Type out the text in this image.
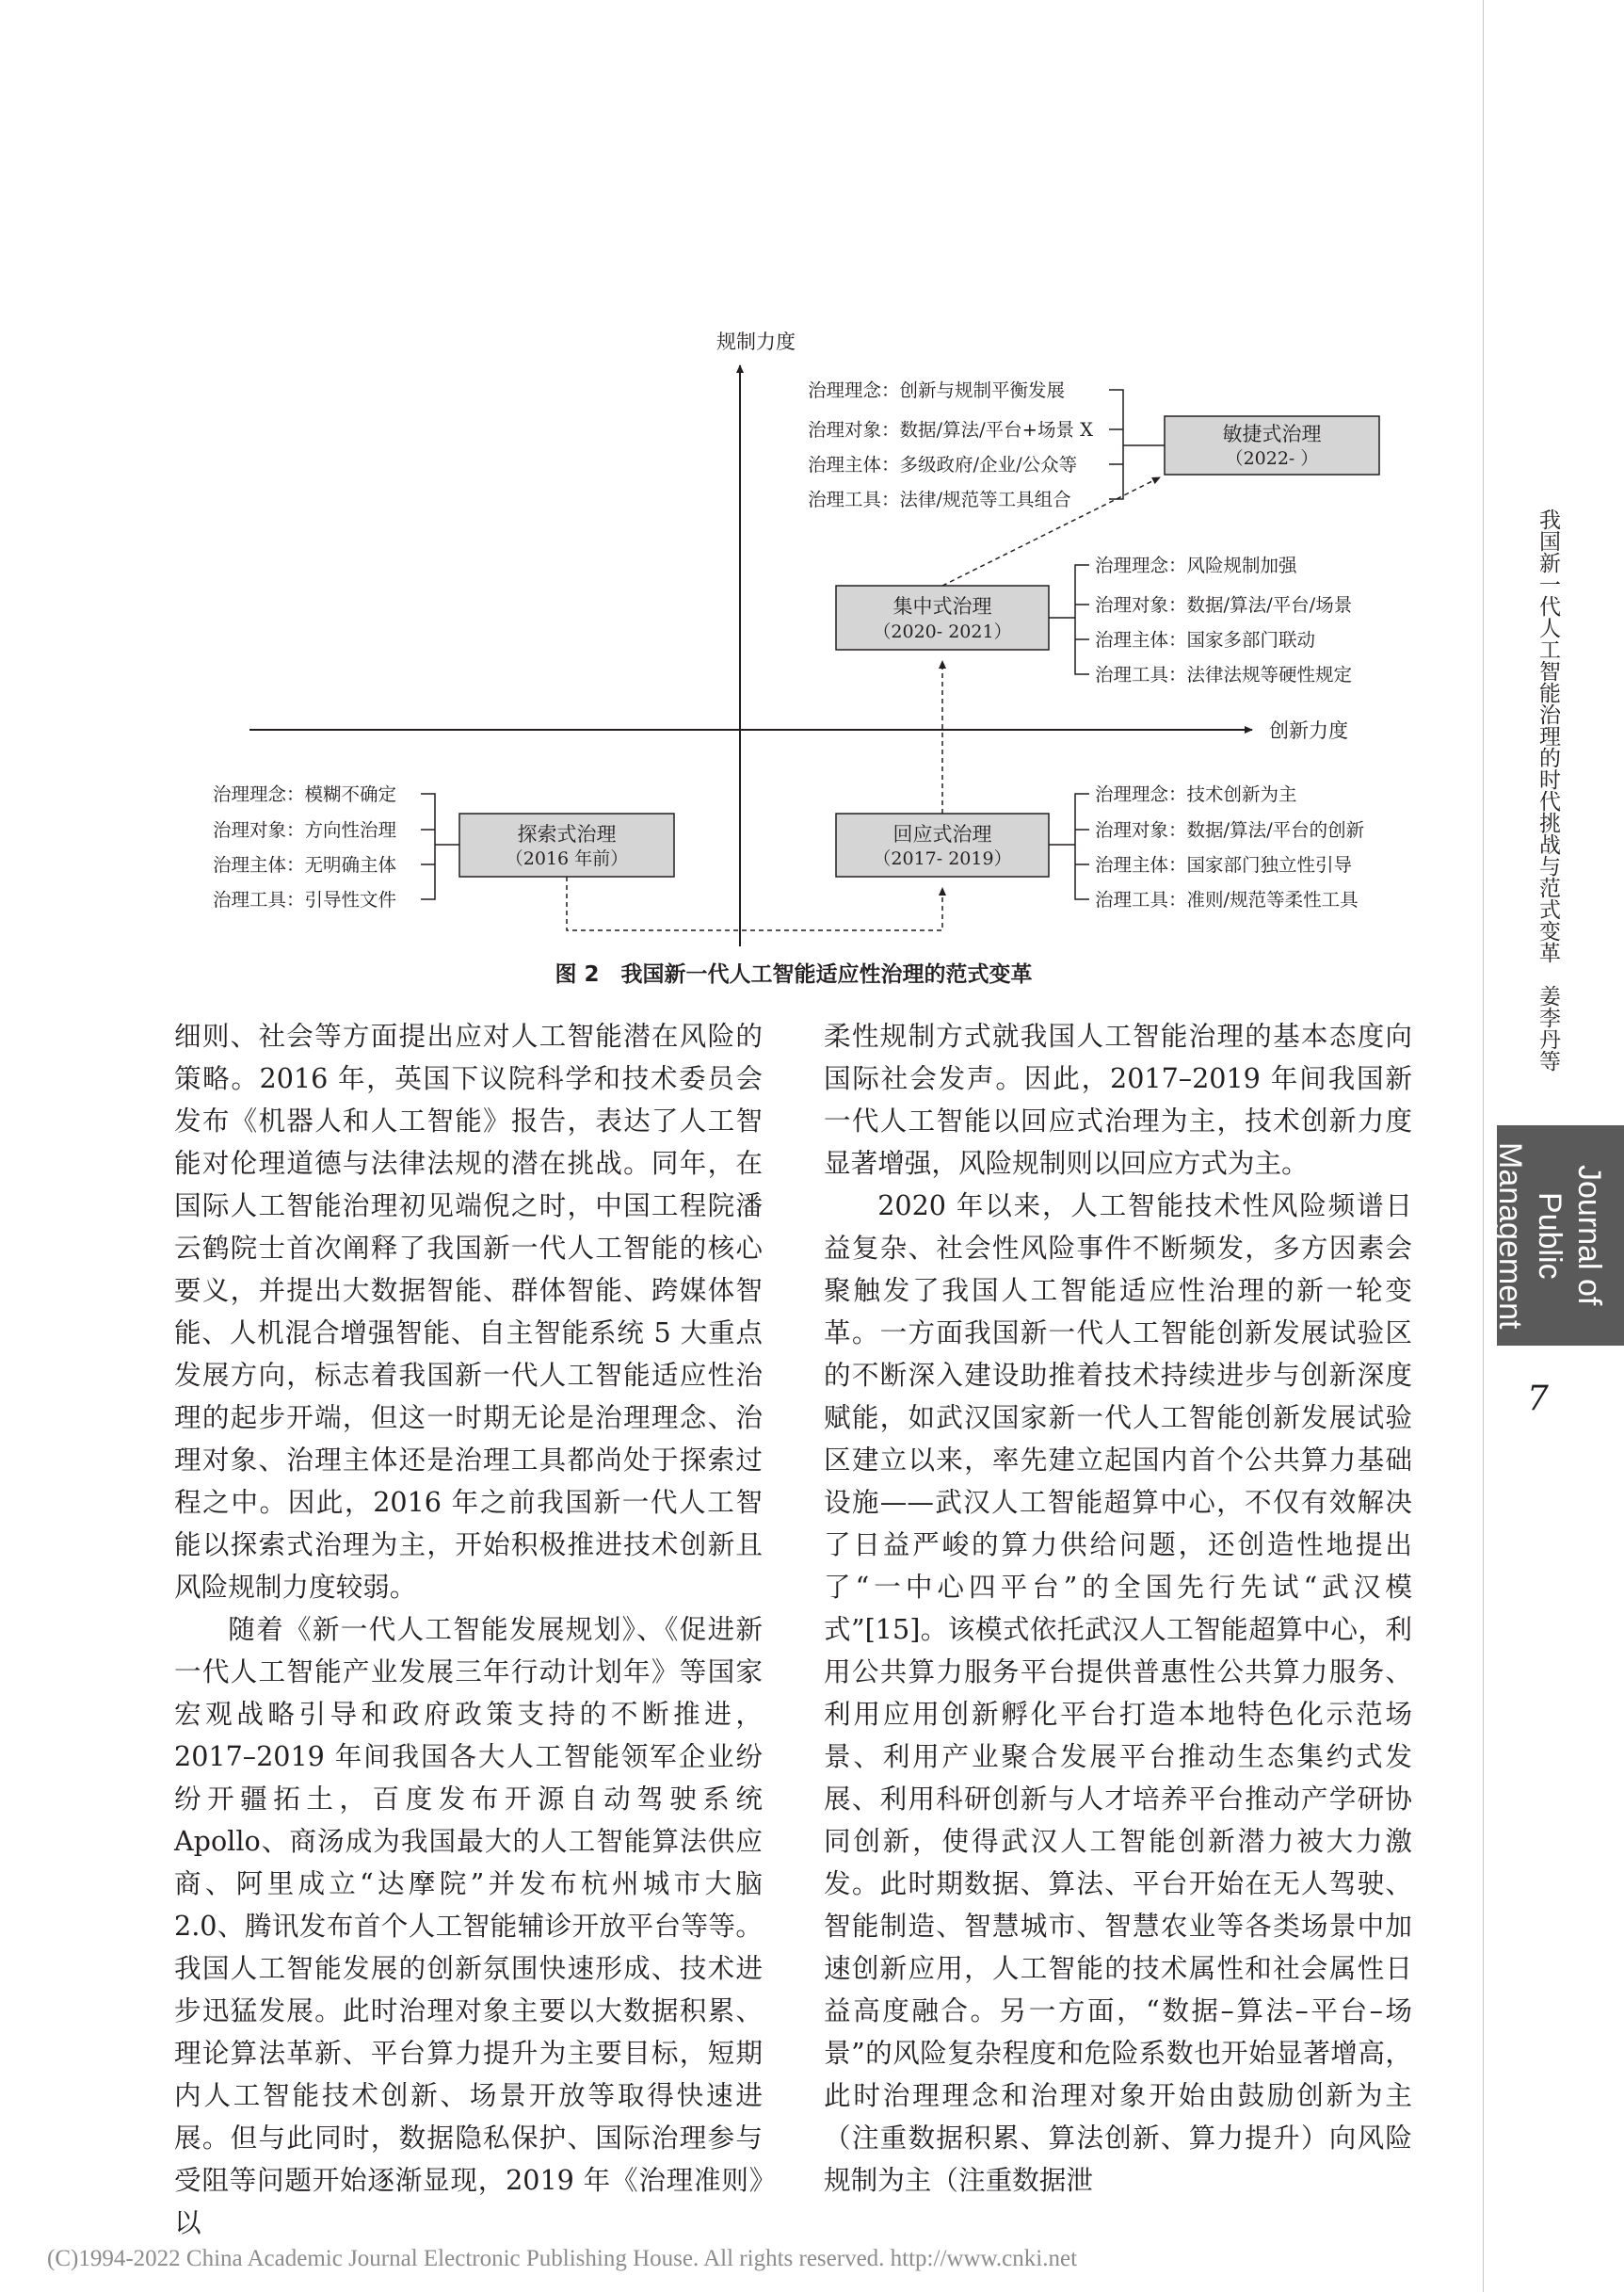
规制力度
创新力度
敏捷式治理
（2022- ）
治理理念：创新与规制平衡发展
治理对象：数据/算法/平台+场景 X
治理主体：多级政府/企业/公众等
治理工具：法律/规范等工具组合
集中式治理
（2020- 2021）
治理理念：风险规制加强
治理对象：数据/算法/平台/场景
治理主体：国家多部门联动
治理工具：法律法规等硬性规定
探索式治理
（2016 年前）
治理理念：模糊不确定
治理对象：方向性治理
治理主体：无明确主体
治理工具：引导性文件
回应式治理
（2017- 2019）
治理理念：技术创新为主
治理对象：数据/算法/平台的创新
治理主体：国家部门独立性引导
治理工具：准则/规范等柔性工具
图 2　我国新一代人工智能适应性治理的范式变革

细则、社会等方面提出应对人工智能潜在风险的策略。2016 年，英国下议院科学和技术委员会发布《机器人和人工智能》报告，表达了人工智能对伦理道德与法律法规的潜在挑战。同年，在国际人工智能治理初见端倪之时，中国工程院潘云鹤院士首次阐释了我国新一代人工智能的核心要义，并提出大数据智能、群体智能、跨媒体智能、人机混合增强智能、自主智能系统 5 大重点发展方向，标志着我国新一代人工智能适应性治理的起步开端，但这一时期无论是治理理念、治理对象、治理主体还是治理工具都尚处于探索过程之中。因此，2016 年之前我国新一代人工智能以探索式治理为主，开始积极推进技术创新且风险规制力度较弱。

随着《新一代人工智能发展规划》、《促进新一代人工智能产业发展三年行动计划年》等国家宏观战略引导和政府政策支持的不断推进，2017–2019 年间我国各大人工智能领军企业纷纷开疆拓土，百度发布开源自动驾驶系统 Apollo、商汤成为我国最大的人工智能算法供应商、阿里成立“达摩院”并发布杭州城市大脑 2.0、腾讯发布首个人工智能辅诊开放平台等等。我国人工智能发展的创新氛围快速形成、技术进步迅猛发展。此时治理对象主要以大数据积累、理论算法革新、平台算力提升为主要目标，短期内人工智能技术创新、场景开放等取得快速进展。但与此同时，数据隐私保护、国际治理参与受阻等问题开始逐渐显现，2019 年《治理准则》以

柔性规制方式就我国人工智能治理的基本态度向国际社会发声。因此，2017–2019 年间我国新一代人工智能以回应式治理为主，技术创新力度显著增强，风险规制则以回应方式为主。

2020 年以来，人工智能技术性风险频谱日益复杂、社会性风险事件不断频发，多方因素会聚触发了我国人工智能适应性治理的新一轮变革。一方面我国新一代人工智能创新发展试验区的不断深入建设助推着技术持续进步与创新深度赋能，如武汉国家新一代人工智能创新发展试验区建立以来，率先建立起国内首个公共算力基础设施——武汉人工智能超算中心，不仅有效解决了日益严峻的算力供给问题，还创造性地提出了“一中心四平台”的全国先行先试“武汉模式”[15]。该模式依托武汉人工智能超算中心，利用公共算力服务平台提供普惠性公共算力服务、利用应用创新孵化平台打造本地特色化示范场景、利用产业聚合发展平台推动生态集约式发展、利用科研创新与人才培养平台推动产学研协同创新，使得武汉人工智能创新潜力被大力激发。此时期数据、算法、平台开始在无人驾驶、智能制造、智慧城市、智慧农业等各类场景中加速创新应用，人工智能的技术属性和社会属性日益高度融合。另一方面，“数据–算法–平台–场景”的风险复杂程度和危险系数也开始显著增高，此时治理理念和治理对象开始由鼓励创新为主（注重数据积累、算法创新、算力提升）向风险规制为主（注重数据泄

我国新一代人工智能治理的时代挑战与范式变革　姜李丹等
Journal of Public Management
7
(C)1994-2022 China Academic Journal Electronic Publishing House. All rights reserved. http://www.cnki.net
